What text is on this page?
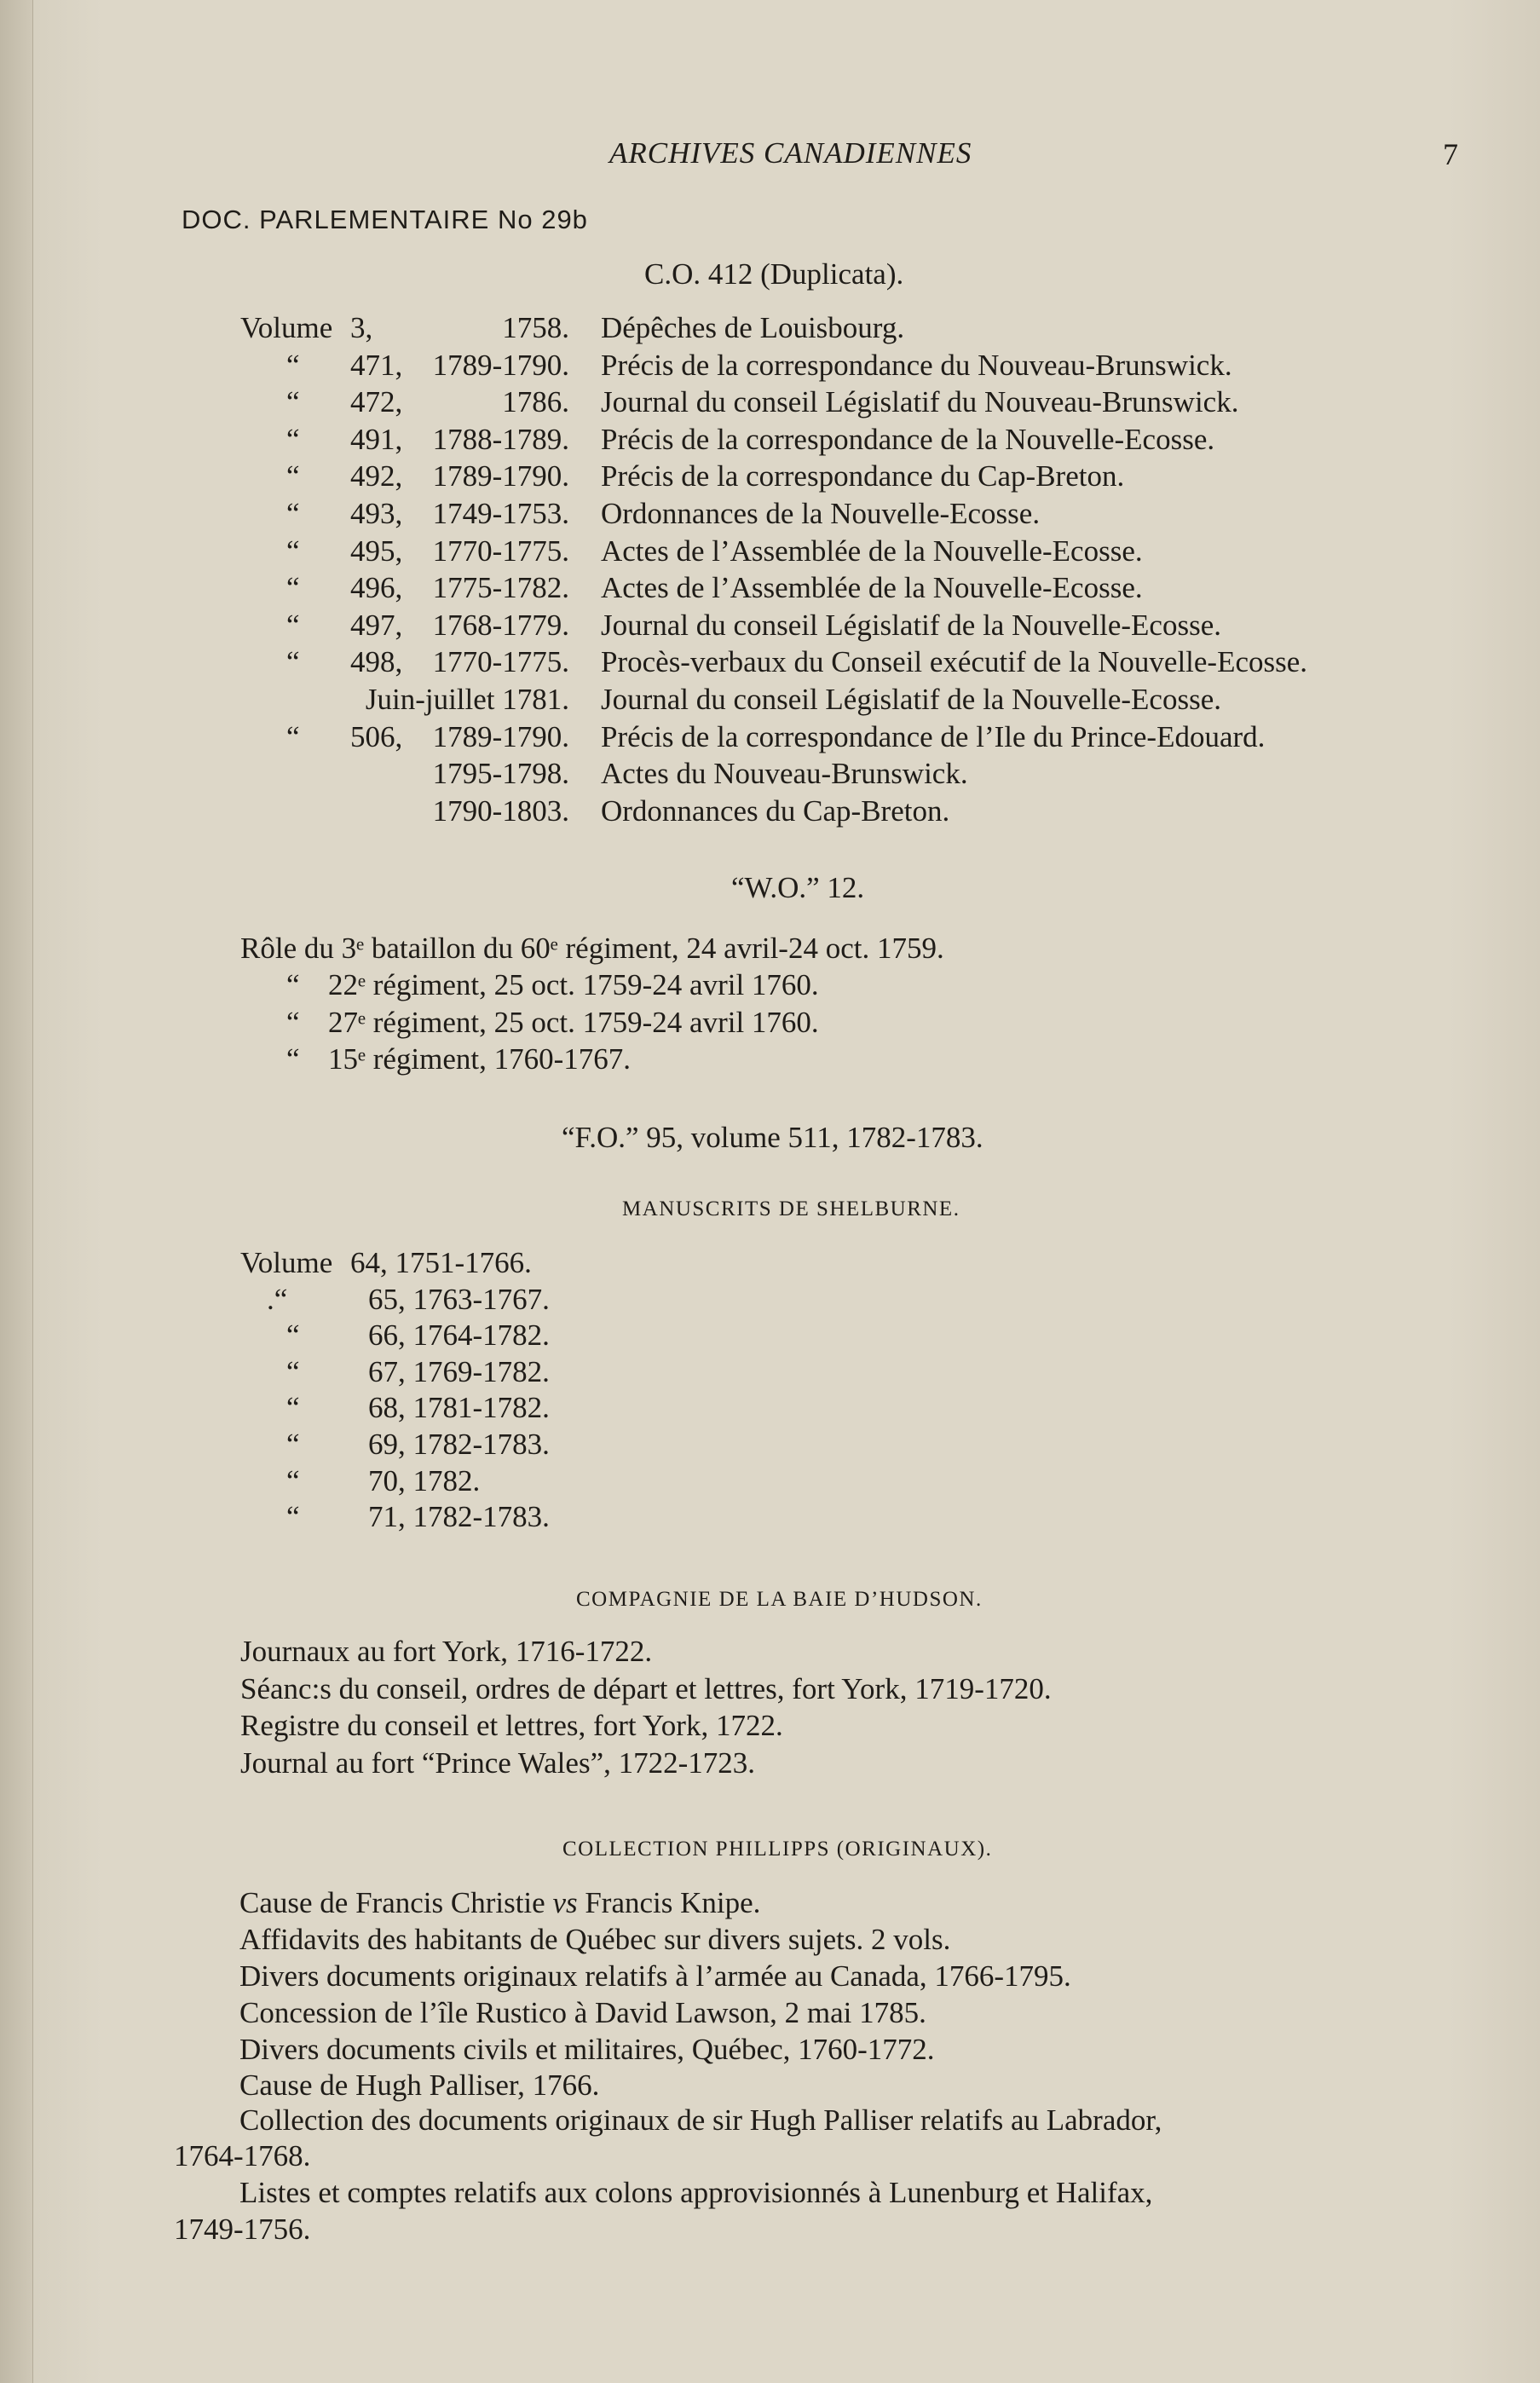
ARCHIVES CANADIENNES	7
DOC. PARLEMENTAIRE No 29b
C.O. 412 (Duplicata).
Volume 3,	1758. Dépêches de Louisbourg.
“ 471, 1789-1790. Précis de la correspondance du Nouveau-Brunswick.
“ 472,	1786. Journal du conseil Législatif du Nouveau-Brunswick.
“ 491, 1788-1789. Précis de la correspondance de la Nouvelle-Ecosse.
“ 492, 1789-1790. Précis de la correspondance du Cap-Breton.
“ 493, 1749-1753. Ordonnances de la Nouvelle-Ecosse.
“ 495, 1770-1775. Actes de l’Assemblée de la Nouvelle-Ecosse.
“ 496, 1775-1782. Actes de l’Assemblée de la Nouvelle-Ecosse.
“ 497, 1768-1779. Journal du conseil Législatif de la Nouvelle-Ecosse.
“ 498, 1770-1775. Procès-verbaux du Conseil exécutif de la Nouvelle-Ecosse.
Juin-juillet 1781. Journal du conseil Législatif de la Nouvelle-Ecosse.
“ 506, 1789-1790. Précis de la correspondance de l’Ile du Prince-Edouard.
1795-1798. Actes du Nouveau-Brunswick.
1790-1803. Ordonnances du Cap-Breton.
“W.O.” 12.
Rôle du 3ᵉ bataillon du 60ᵉ régiment, 24 avril-24 oct. 1759.
“ 22ᵉ régiment, 25 oct. 1759-24 avril 1760.
“ 27ᵉ régiment, 25 oct. 1759-24 avril 1760.
“ 15ᵉ régiment, 1760-1767.
“F.O.” 95, volume 511, 1782-1783.
MANUSCRITS DE SHELBURNE.
Volume 64, 1751-1766.
.“	65, 1763-1767.
“ 66, 1764-1782.
“ 67, 1769-1782.
“ 68, 1781-1782.
“ 69, 1782-1783.
“ 70, 1782.
“ 71, 1782-1783.
COMPAGNIE DE LA BAIE D’HUDSON.
Journaux au fort York, 1716-1722.
Séanc:s du conseil, ordres de départ et lettres, fort York, 1719-1720.
Registre du conseil et lettres, fort York, 1722.
Journal au fort “Prince Wales”, 1722-1723.
COLLECTION PHILLIPPS (ORIGINAUX).
Cause de Francis Christie vs Francis Knipe.
Affidavits des habitants de Québec sur divers sujets. 2 vols.
Divers documents originaux relatifs à l’armée au Canada, 1766-1795.
Concession de l’île Rustico à David Lawson, 2 mai 1785.
Divers documents civils et militaires, Québec, 1760-1772.
Cause de Hugh Palliser, 1766.
Collection des documents originaux de sir Hugh Palliser relatifs au Labrador,
1764-1768.
Listes et comptes relatifs aux colons approvisionnés à Lunenburg et Halifax,
1749-1756.
